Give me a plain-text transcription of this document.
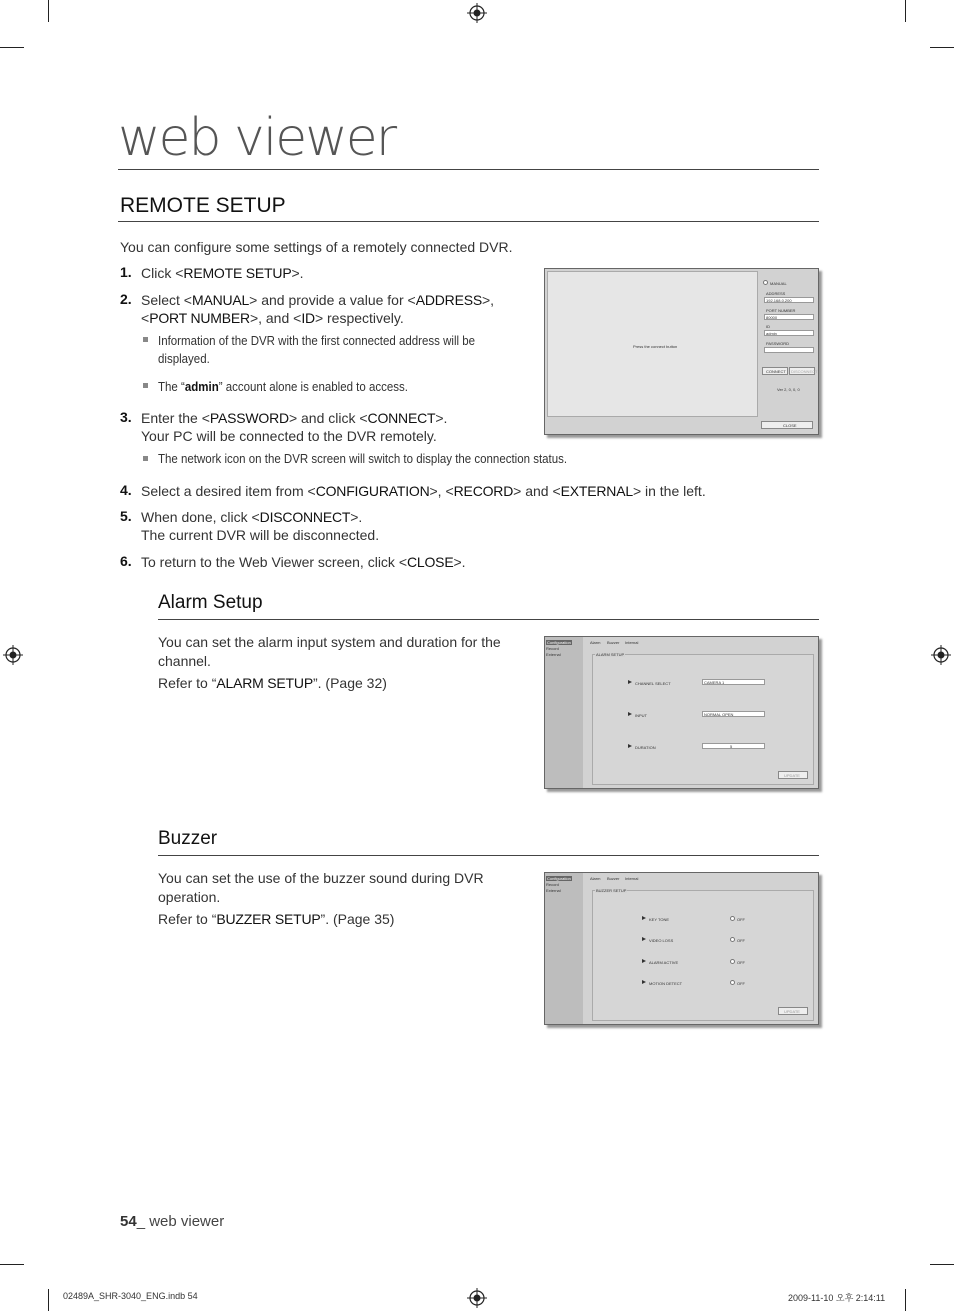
web viewer
REMOTE SETUP
You can configure some settings of a remotely connected DVR.
1. Click <REMOTE SETUP>.
2. Select <MANUAL> and provide a value for <ADDRESS>,
<PORT NUMBER>, and <ID> respectively.
Information of the DVR with the first connected address will be
displayed.
The “admin” account alone is enabled to access.
3. Enter the <PASSWORD> and click <CONNECT>.
Your PC will be connected to the DVR remotely.
The network icon on the DVR screen will switch to display the connection status.
4. Select a desired item from <CONFIGURATION>, <RECORD> and <EXTERNAL> in the left.
5. When done, click <DISCONNECT>.
The current DVR will be disconnected.
6. To return to the Web Viewer screen, click <CLOSE>.
Press the connect button
MANUAL
ADDRESS
192.168.0.200
PORT NUMBER
80000
ID
admin
PASSWORD
CONNECT DISCONNECT
Ver 2, 0, 0, 0
CLOSE
Alarm Setup
You can set the alarm input system and duration for the
channel.
Refer to “ALARM SETUP”. (Page 32)
Configuration
Record
External
Alarm Buzzer Internal
ALARM SETUP
CHANNEL SELECT	CAMERA 1
INPUT	NORMAL OPEN
DURATION	5
UPDATE
Buzzer
You can set the use of the buzzer sound during DVR
operation.
Refer to “BUZZER SETUP”. (Page 35)
Configuration
Record
External
Alarm Buzzer Internal
BUZZER SETUP
KEY TONE	OFF
VIDEO LOSS	OFF
ALARM ACTIVE	OFF
MOTION DETECT	OFF
UPDATE
54_ web viewer
02489A_SHR-3040_ENG.indb 54	2009-11-10 오후 2:14:11
